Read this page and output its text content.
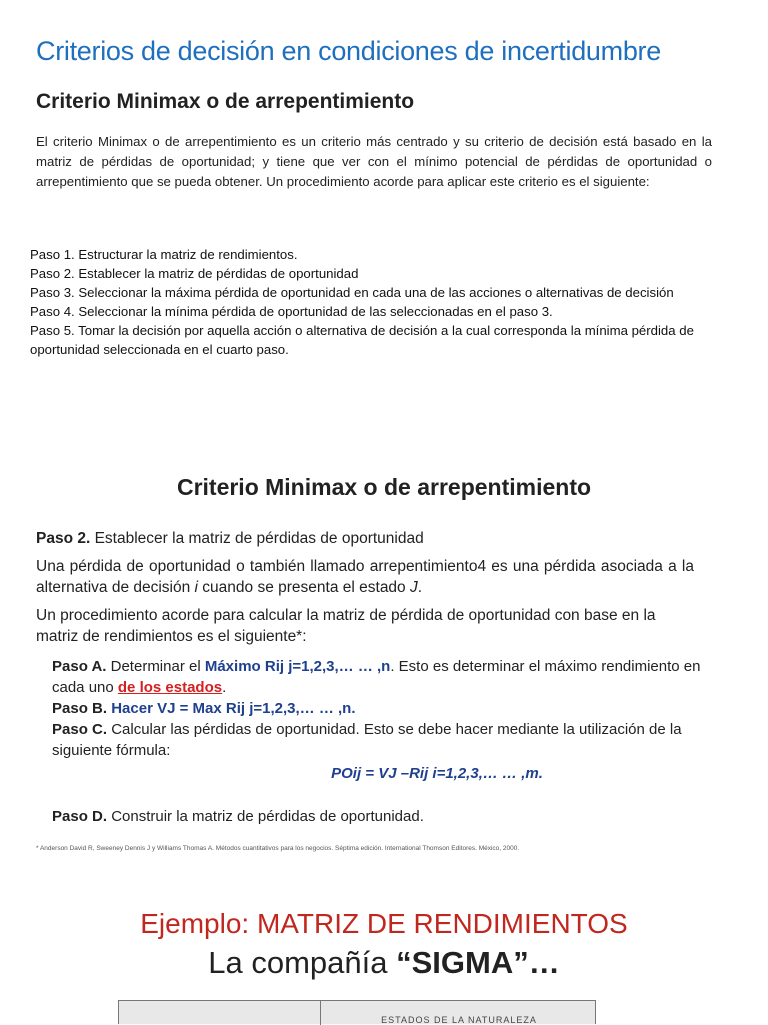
Criterios de decisión en condiciones de incertidumbre
Criterio Minimax o de arrepentimiento
El criterio Minimax o de arrepentimiento es un criterio más centrado y su criterio de decisión está basado en la matriz de pérdidas de oportunidad; y tiene que ver con el mínimo potencial de pérdidas de oportunidad o arrepentimiento que se pueda obtener. Un procedimiento acorde para aplicar este criterio es el siguiente:
Paso 1. Estructurar la matriz de rendimientos.
Paso 2. Establecer la matriz de pérdidas de oportunidad
Paso 3. Seleccionar la máxima pérdida de oportunidad en cada una de las acciones o alternativas de decisión
Paso 4. Seleccionar la mínima pérdida de oportunidad de las seleccionadas en el paso 3.
Paso 5. Tomar la decisión por aquella acción o alternativa de decisión a la cual corresponda la mínima pérdida de oportunidad seleccionada en el cuarto paso.
Criterio Minimax o de arrepentimiento

Paso 2. Establecer la matriz de pérdidas de oportunidad

Una pérdida de oportunidad o también llamado arrepentimiento4 es una pérdida asociada a la alternativa de decisión i cuando se presenta el estado J.

Un procedimiento acorde para calcular la matriz de pérdida de oportunidad con base en la matriz de rendimientos es el siguiente*:

Paso A. Determinar el Máximo Rij j=1,2,3,… … ,n. Esto es determinar el máximo rendimiento en cada uno de los estados.

Paso B. Hacer VJ = Max Rij j=1,2,3,… … ,n.

Paso C. Calcular las pérdidas de oportunidad. Esto se debe hacer mediante la utilización de la siguiente fórmula:

POij = VJ –Rij i=1,2,3,… … ,m.

Paso D. Construir la matriz de pérdidas de oportunidad.

* Anderson David R, Sweeney Dennis J y Williams Thomas A. Métodos cuantitativos para los negocios. Séptima edición. International Thomson Editores. México, 2000.
Ejemplo: MATRIZ DE RENDIMIENTOS
La compañía “SIGMA”…
ESTADOS DE LA NATURALEZA
